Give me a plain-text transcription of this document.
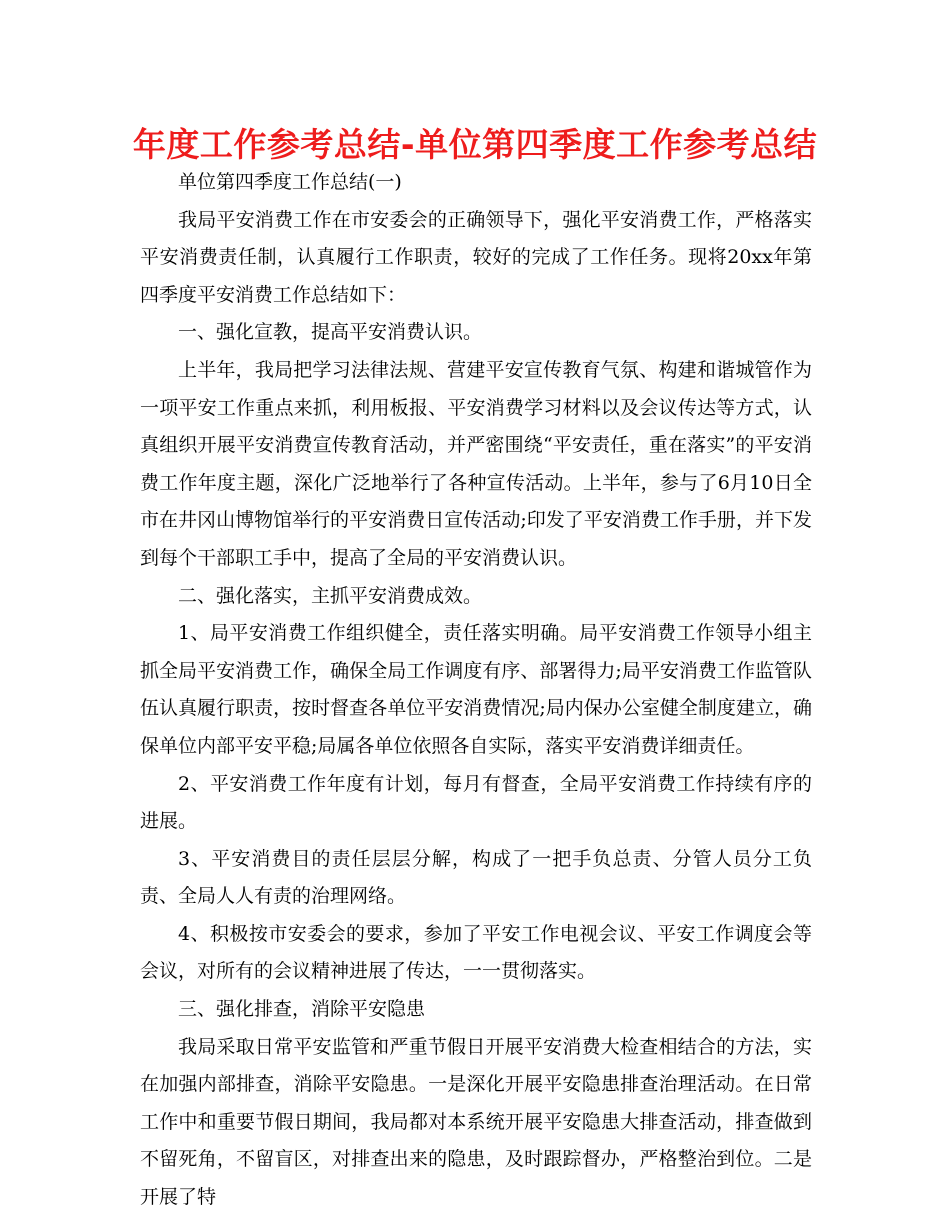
年度工作参考总结-单位第四季度工作参考总结

单位第四季度工作总结(一)

我局平安消费工作在市安委会的正确领导下，强化平安消费工作，严格落实平安消费责任制，认真履行工作职责，较好的完成了工作任务。现将20xx年第四季度平安消费工作总结如下：

一、强化宣教，提高平安消费认识。

上半年，我局把学习法律法规、营建平安宣传教育气氛、构建和谐城管作为一项平安工作重点来抓，利用板报、平安消费学习材料以及会议传达等方式，认真组织开展平安消费宣传教育活动，并严密围绕“平安责任，重在落实”的平安消费工作年度主题，深化广泛地举行了各种宣传活动。上半年，参与了6月10日全市在井冈山博物馆举行的平安消费日宣传活动;印发了平安消费工作手册，并下发到每个干部职工手中，提高了全局的平安消费认识。

二、强化落实，主抓平安消费成效。

1、局平安消费工作组织健全，责任落实明确。局平安消费工作领导小组主抓全局平安消费工作，确保全局工作调度有序、部署得力;局平安消费工作监管队伍认真履行职责，按时督查各单位平安消费情况;局内保办公室健全制度建立，确保单位内部平安平稳;局属各单位依照各自实际，落实平安消费详细责任。

2、平安消费工作年度有计划，每月有督查，全局平安消费工作持续有序的进展。

3、平安消费目的责任层层分解，构成了一把手负总责、分管人员分工负责、全局人人有责的治理网络。

4、积极按市安委会的要求，参加了平安工作电视会议、平安工作调度会等会议，对所有的会议精神进展了传达，一一贯彻落实。

三、强化排查，消除平安隐患

我局采取日常平安监管和严重节假日开展平安消费大检查相结合的方法，实在加强内部排查，消除平安隐患。一是深化开展平安隐患排查治理活动。在日常工作中和重要节假日期间，我局都对本系统开展平安隐患大排查活动，排查做到不留死角，不留盲区，对排查出来的隐患，及时跟踪督办，严格整治到位。二是开展了特
